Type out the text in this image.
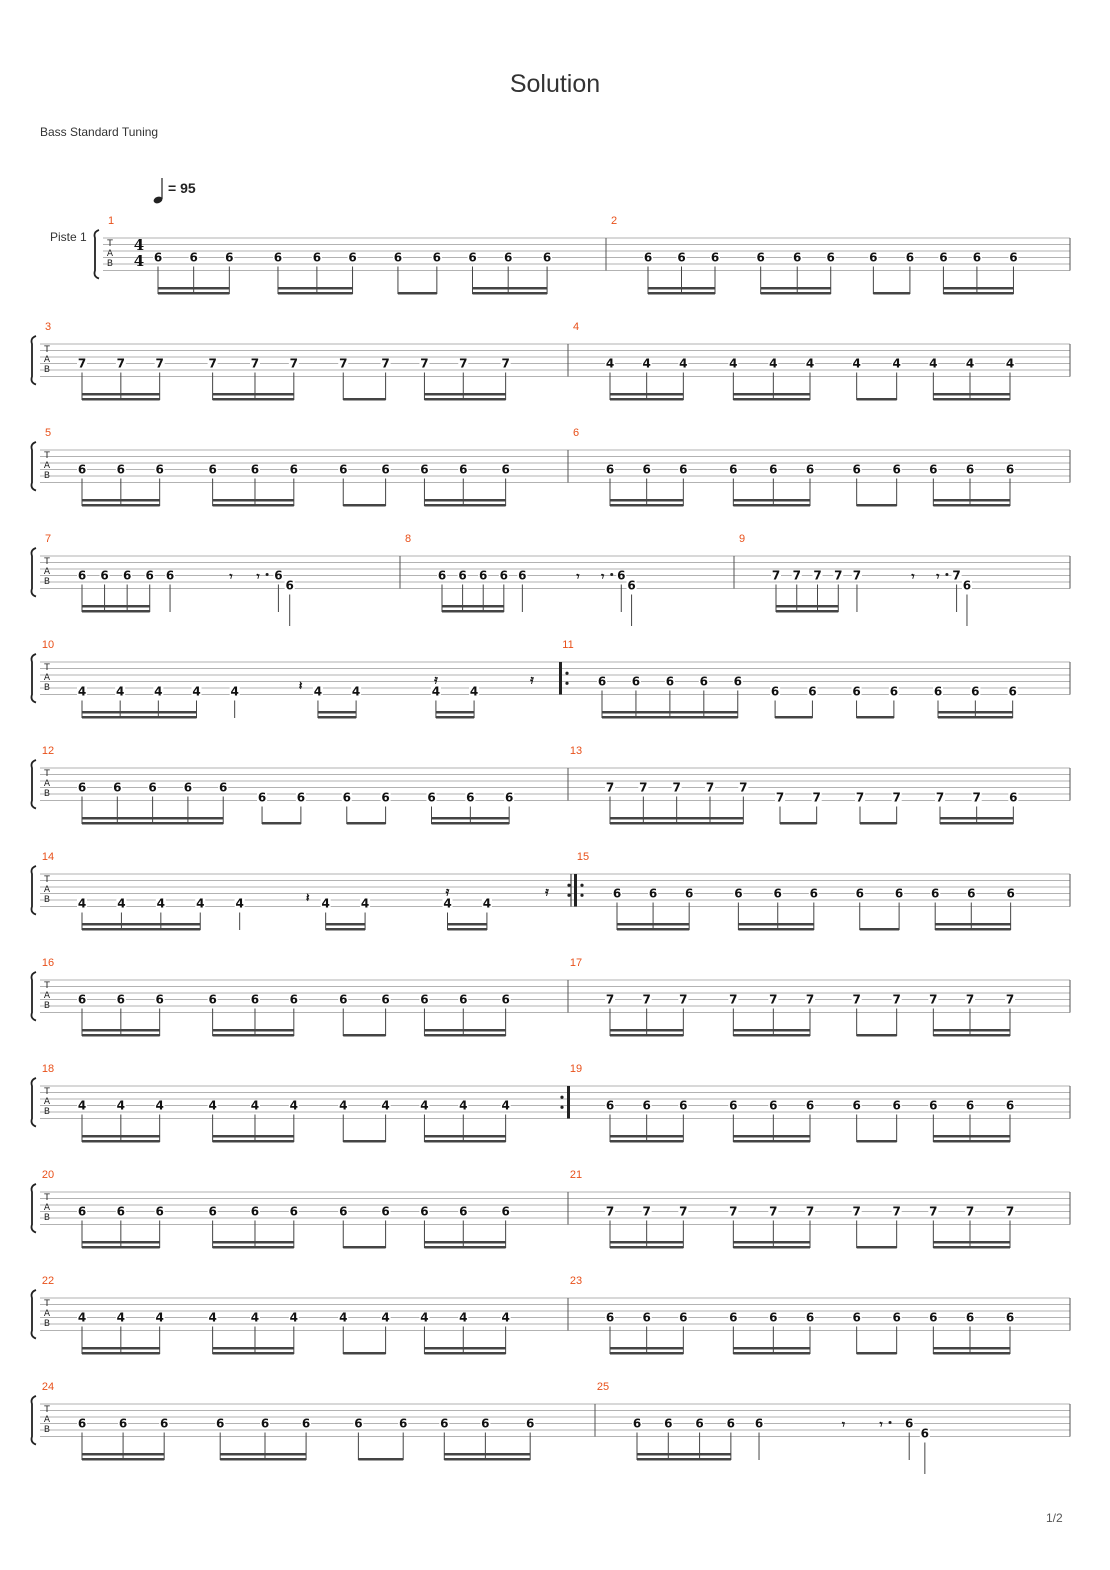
Solution
Bass Standard Tuning
= 95
Piste 1
1/2
T
A
B
4
4
1
6 6 6	6	6 6	6	6 6 6	6
2
6 6 6	6 6 6	6 6 6 6 6
T
A
B
3
7	7	7	7	7	7	7	7	7	7	7
4
4 4 4	4	4 4	4	4 4 4	4
T
A
B
5
6	6	6	6	6	6	6	6	6	6	6
6
6 6 6	6	6 6	6	6 6 6	6
T
A
B
7
6 6 6 6 6	6
6
𝄾 𝄾
8
6 6 6 6 6	6
6
𝄾 𝄾
9
7 7 7 7 7	7
6
𝄾 𝄾
T
A
B
10
4 4 4 4 4	4 4	4 4
𝄽	𝄿	𝄿
11
6 6 6 6 6
6 6	6 6	6 6 6
T
A
B
12
6 6 6 6 6
6	6	6	6	6	6	6
13
7 7 7 7 7
7 7	7 7	7 7 6
T
A
B
14
4	4	4	4	4	4	4	4	4
𝄽	𝄿	𝄿
15
6 6 6	6	6 6	6	6 6 6	6
T
A
B
16
6	6	6	6	6	6	6	6	6	6	6
17
7 7 7	7	7 7	7	7 7 7	7
T
A
B
18
4	4	4	4	4	4	4	4	4	4	4
19
6 6 6	6	6 6	6	6 6 6	6
T
A
B
20
6	6	6	6	6	6	6	6	6	6	6
21
7 7 7	7	7 7	7	7 7 7	7
T
A
B
22
4	4	4	4	4	4	4	4	4	4	4
23
6 6 6	6	6 6	6	6 6 6	6
T
A
B
24
6	6	6	6	6	6	6	6	6	6	6
25
6 6 6 6 6	6
6
𝄾	𝄾
